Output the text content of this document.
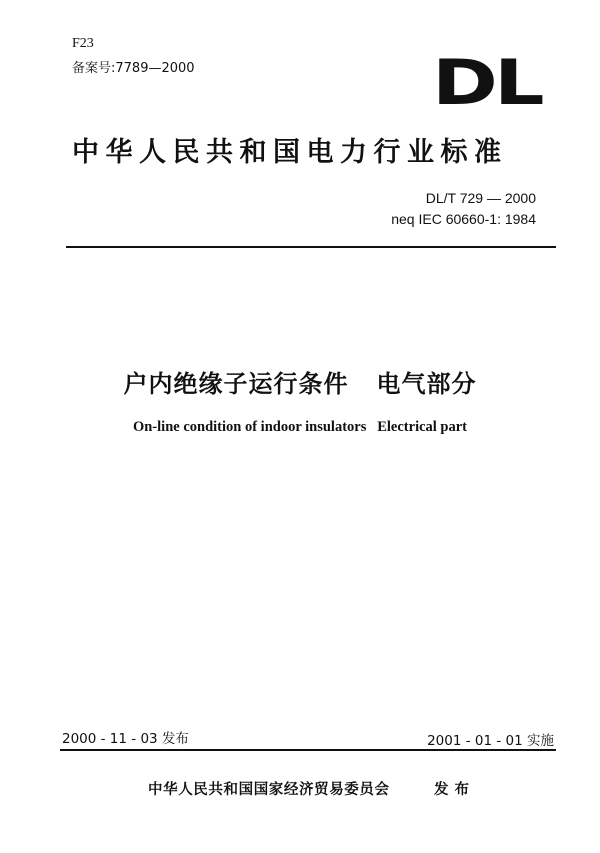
F23
备案号:7789—2000	DL
中华人民共和国电力行业标准
DL/T 729 — 2000
neq IEC 60660-1: 1984
户内绝缘子运行条件   电气部分
On-line condition of indoor insulators   Electrical part
2000 - 11 - 03 发布	2001 - 01 - 01 实施
中华人民共和国国家经济贸易委员会	发布
